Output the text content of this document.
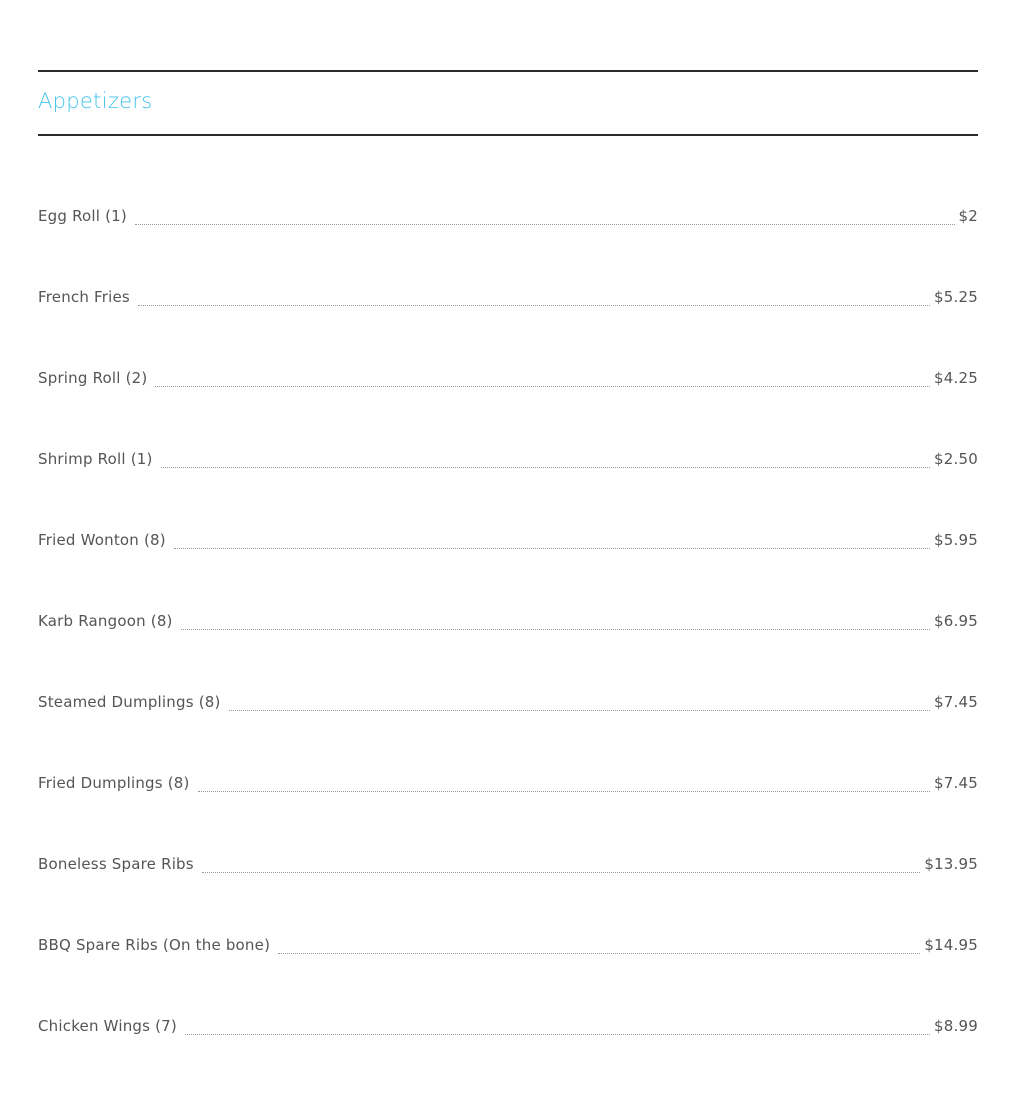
Appetizers
Egg Roll (1)	$2
French Fries	$5.25
Spring Roll (2)	$4.25
Shrimp Roll (1)	$2.50
Fried Wonton (8)	$5.95
Karb Rangoon (8)	$6.95
Steamed Dumplings (8)	$7.45
Fried Dumplings (8)	$7.45
Boneless Spare Ribs	$13.95
BBQ Spare Ribs (On the bone)	$14.95
Chicken Wings (7)	$8.99
